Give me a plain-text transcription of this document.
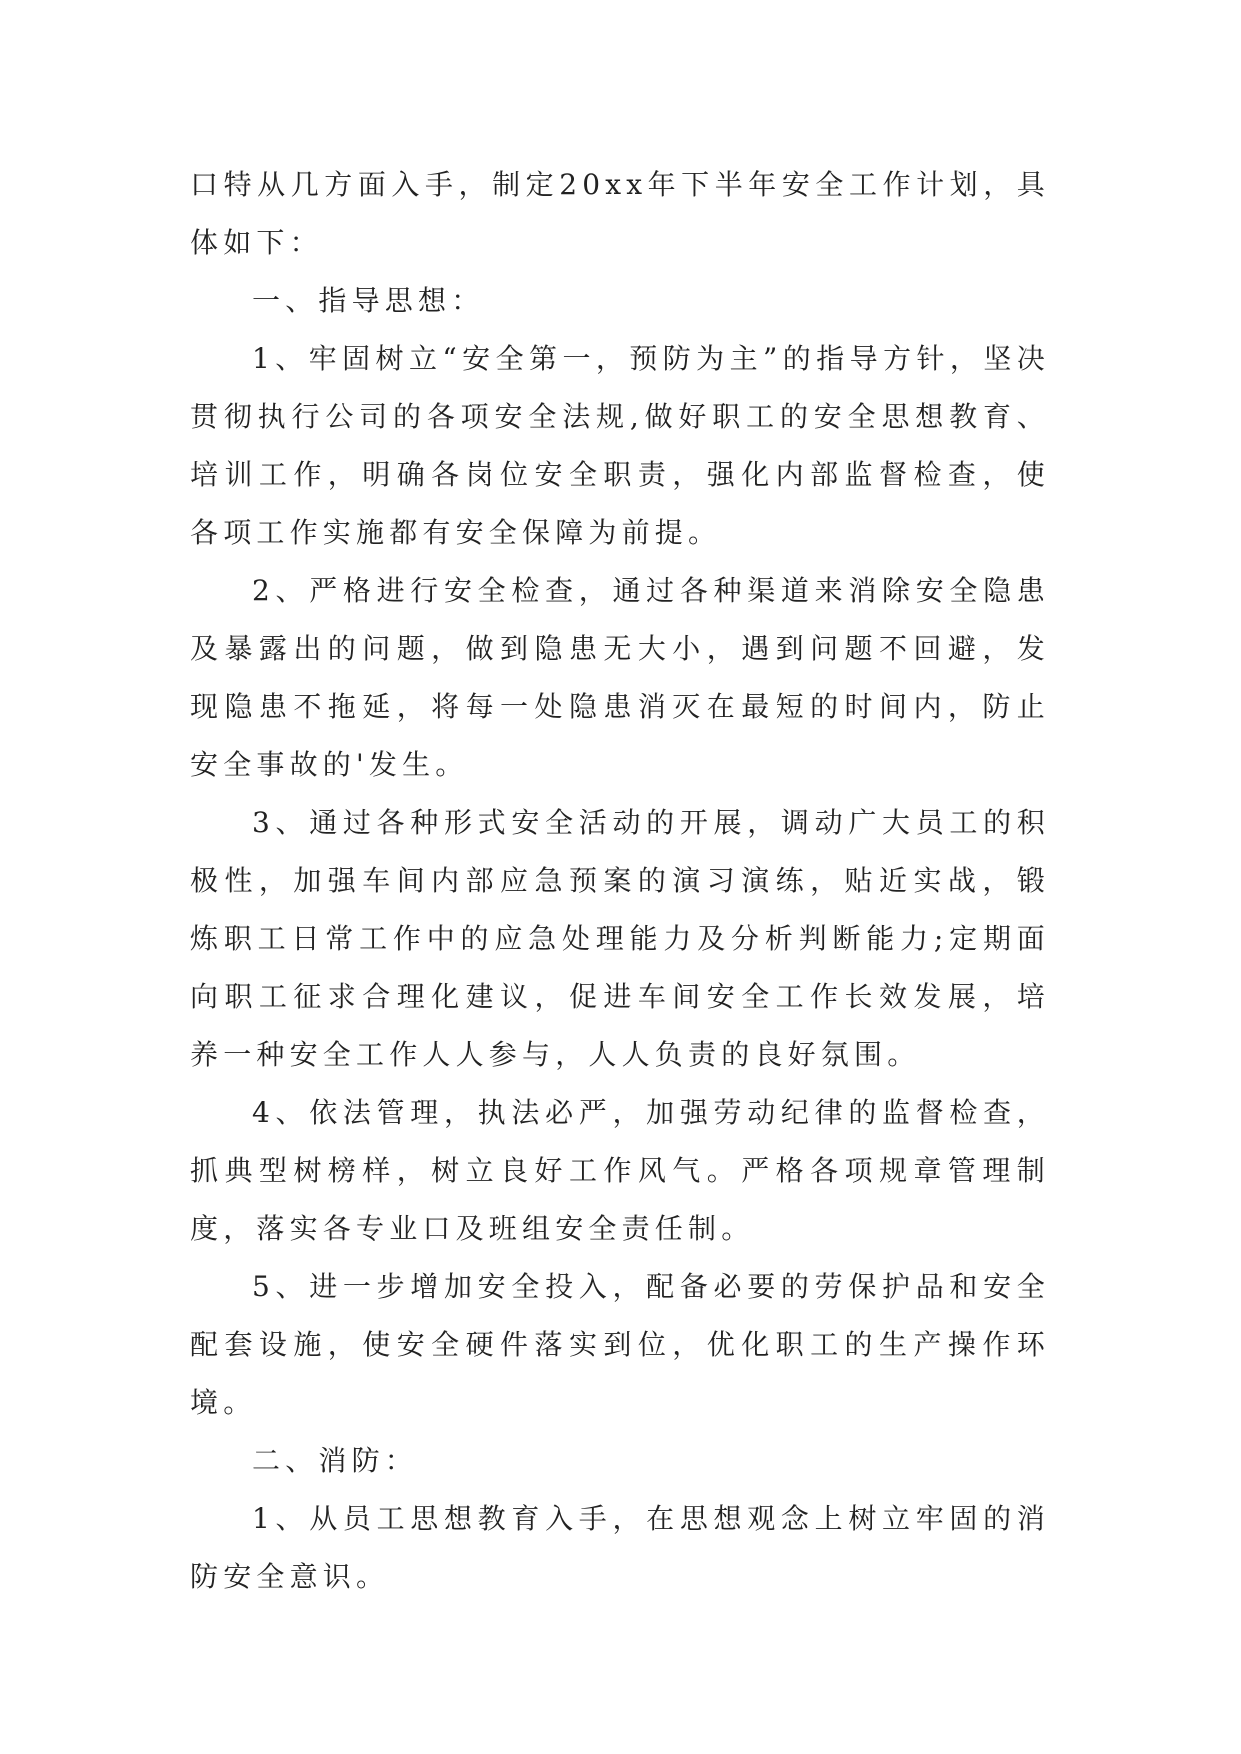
口特从几方面入手，制定20xx年下半年安全工作计划，具体如下：

一、指导思想：

1、牢固树立“安全第一，预防为主”的指导方针，坚决贯彻执行公司的各项安全法规,做好职工的安全思想教育、培训工作，明确各岗位安全职责，强化内部监督检查，使各项工作实施都有安全保障为前提。

2、严格进行安全检查，通过各种渠道来消除安全隐患及暴露出的问题，做到隐患无大小，遇到问题不回避，发现隐患不拖延，将每一处隐患消灭在最短的时间内，防止安全事故的'发生。

3、通过各种形式安全活动的开展，调动广大员工的积极性，加强车间内部应急预案的演习演练，贴近实战，锻炼职工日常工作中的应急处理能力及分析判断能力;定期面向职工征求合理化建议，促进车间安全工作长效发展，培养一种安全工作人人参与，人人负责的良好氛围。

4、依法管理，执法必严，加强劳动纪律的监督检查，抓典型树榜样，树立良好工作风气。严格各项规章管理制度，落实各专业口及班组安全责任制。

5、进一步增加安全投入，配备必要的劳保护品和安全配套设施，使安全硬件落实到位，优化职工的生产操作环境。

二、消防：

1、从员工思想教育入手，在思想观念上树立牢固的消防安全意识。
